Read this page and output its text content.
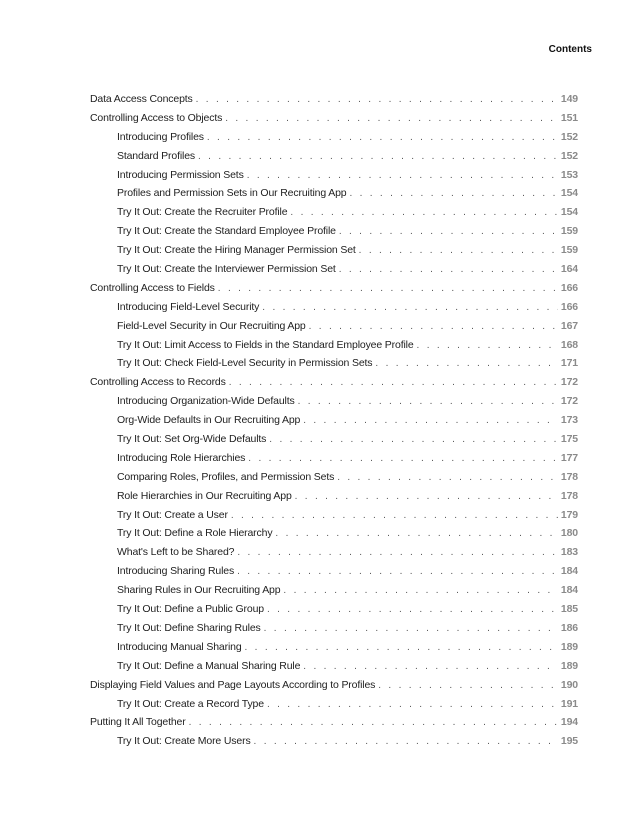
Contents
Data Access Concepts . . .	149
Controlling Access to Objects . . .	151
Introducing Profiles . . .	152
Standard Profiles . . .	152
Introducing Permission Sets . . .	153
Profiles and Permission Sets in Our Recruiting App . . .	154
Try It Out: Create the Recruiter Profile . . .	154
Try It Out: Create the Standard Employee Profile . . .	159
Try It Out: Create the Hiring Manager Permission Set . . .	159
Try It Out: Create the Interviewer Permission Set . . .	164
Controlling Access to Fields . . .	166
Introducing Field-Level Security . . .	166
Field-Level Security in Our Recruiting App . . .	167
Try It Out: Limit Access to Fields in the Standard Employee Profile . . .	168
Try It Out: Check Field-Level Security in Permission Sets . . .	171
Controlling Access to Records . . .	172
Introducing Organization-Wide Defaults . . .	172
Org-Wide Defaults in Our Recruiting App . . .	173
Try It Out: Set Org-Wide Defaults . . .	175
Introducing Role Hierarchies . . .	177
Comparing Roles, Profiles, and Permission Sets . . .	178
Role Hierarchies in Our Recruiting App . . .	178
Try It Out: Create a User . . .	179
Try It Out: Define a Role Hierarchy . . .	180
What's Left to be Shared? . . .	183
Introducing Sharing Rules . . .	184
Sharing Rules in Our Recruiting App . . .	184
Try It Out: Define a Public Group . . .	185
Try It Out: Define Sharing Rules . . .	186
Introducing Manual Sharing . . .	189
Try It Out: Define a Manual Sharing Rule . . .	189
Displaying Field Values and Page Layouts According to Profiles . . .	190
Try It Out: Create a Record Type . . .	191
Putting It All Together . . .	194
Try It Out: Create More Users . . .	195
